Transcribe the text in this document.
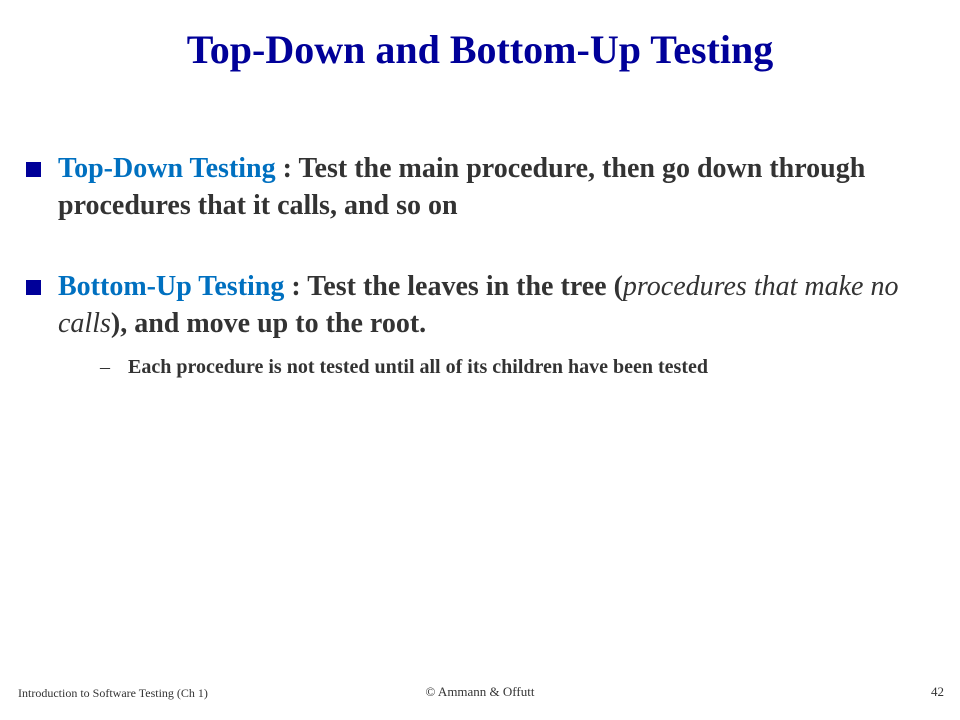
Top-Down and Bottom-Up Testing
Top-Down Testing : Test the main procedure, then go down through procedures that it calls, and so on
Bottom-Up Testing : Test the leaves in the tree (procedures that make no calls), and move up to the root.
– Each procedure is not tested until all of its children have been tested
Introduction to Software Testing (Ch 1)	© Ammann & Offutt	42
